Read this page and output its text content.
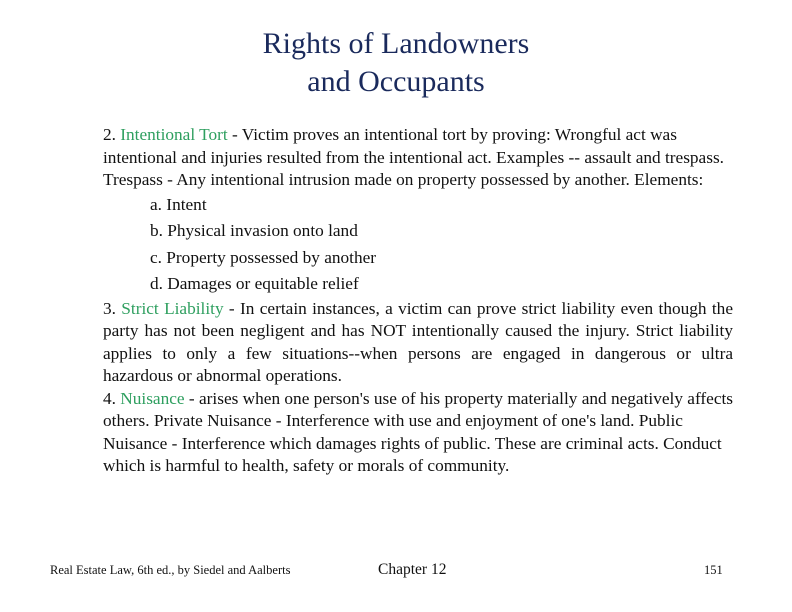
Rights of Landowners
and Occupants

2. Intentional Tort - Victim proves an intentional tort by proving: Wrongful act was intentional and injuries resulted from the intentional act. Examples -- assault and trespass. Trespass - Any intentional intrusion made on property possessed by another. Elements:

a. Intent

b. Physical invasion onto land

c. Property possessed by another

d. Damages or equitable relief

3. Strict Liability - In certain instances, a victim can prove strict liability even though the party has not been negligent and has NOT intentionally caused the injury. Strict liability applies to only a few situations--when persons are engaged in dangerous or ultra hazardous or abnormal operations.

4. Nuisance - arises when one person's use of his property materially and negatively affects others. Private Nuisance - Interference with use and enjoyment of one's land. Public Nuisance - Interference which damages rights of public. These are criminal acts. Conduct which is harmful to health, safety or morals of community.

Real Estate Law, 6th ed., by Siedel and Aalberts	Chapter 12	151
